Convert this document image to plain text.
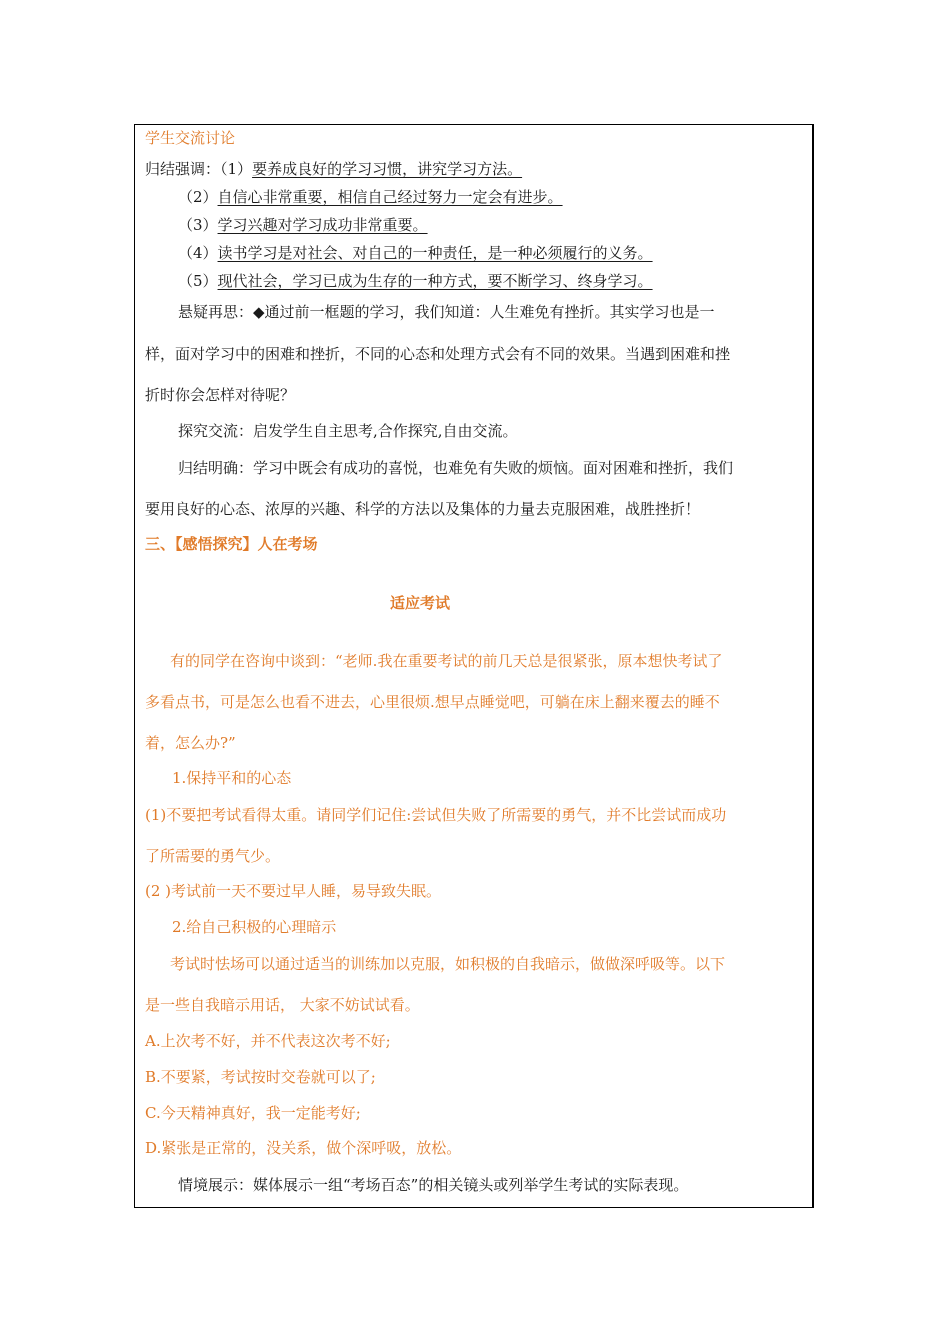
学生交流讨论
归结强调：（1）要养成良好的学习习惯，讲究学习方法。
（2）自信心非常重要，相信自己经过努力一定会有进步。
（3）学习兴趣对学习成功非常重要。
（4）读书学习是对社会、对自己的一种责任，是一种必须履行的义务。
（5）现代社会，学习已成为生存的一种方式，要不断学习、终身学习。
悬疑再思：◆通过前一框题的学习，我们知道：人生难免有挫折。其实学习也是一
样，面对学习中的困难和挫折，不同的心态和处理方式会有不同的效果。当遇到困难和挫
折时你会怎样对待呢？
探究交流：启发学生自主思考,合作探究,自由交流。
归结明确：学习中既会有成功的喜悦，也难免有失败的烦恼。面对困难和挫折，我们
要用良好的心态、浓厚的兴趣、科学的方法以及集体的力量去克服困难，战胜挫折！
三、【感悟探究】人在考场
适应考试
有的同学在咨询中谈到：“老师.我在重要考试的前几天总是很紧张，原本想快考试了
多看点书，可是怎么也看不进去，心里很烦.想早点睡觉吧，可躺在床上翻来覆去的睡不
着，怎么办?”
1.保持平和的心态
(1)不要把考试看得太重。请同学们记住:尝试但失败了所需要的勇气，并不比尝试而成功
了所需要的勇气少。
(2 )考试前一天不要过早人睡，易导致失眠。
2.给自己积极的心理暗示
考试时怯场可以通过适当的训练加以克服，如积极的自我暗示，做做深呼吸等。以下
是一些自我暗示用话， 大家不妨试试看。
A.上次考不好，并不代表这次考不好;
B.不要紧，考试按时交卷就可以了;
C.今天精神真好，我一定能考好;
D.紧张是正常的，没关系，做个深呼吸，放松。
情境展示：媒体展示一组“考场百态”的相关镜头或列举学生考试的实际表现。
